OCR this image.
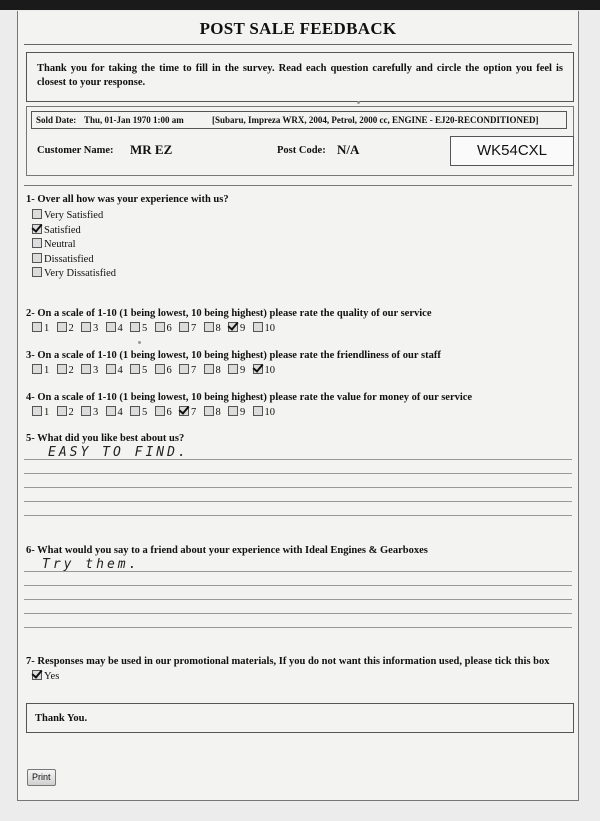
POST SALE FEEDBACK
Thank you for taking the time to fill in the survey. Read each question carefully and circle the option you feel is closest to your response.
Sold Date: Thu, 01-Jan 1970 1:00 am	[Subaru, Impreza WRX, 2004, Petrol, 2000 cc, ENGINE - EJ20-RECONDITIONED]
Customer Name: MR EZ	Post Code: N/A	WK54CXL
1- Over all how was your experience with us?
Very Satisfied
Satisfied
Neutral
Dissatisfied
Very Dissatisfied
2- On a scale of 1-10 (1 being lowest, 10 being highest) please rate the quality of our service
1 2 3 4 5 6 7 8 9 10
3- On a scale of 1-10 (1 being lowest, 10 being highest) please rate the friendliness of our staff
1 2 3 4 5 6 7 8 9 10
4- On a scale of 1-10 (1 being lowest, 10 being highest) please rate the value for money of our service
1 2 3 4 5 6 7 8 9 10
5- What did you like best about us?
EASY TO FIND.
6- What would you say to a friend about your experience with Ideal Engines & Gearboxes
Try them.
7- Responses may be used in our promotional materials, If you do not want this information used, please tick this box
Yes
Thank You.
Print
